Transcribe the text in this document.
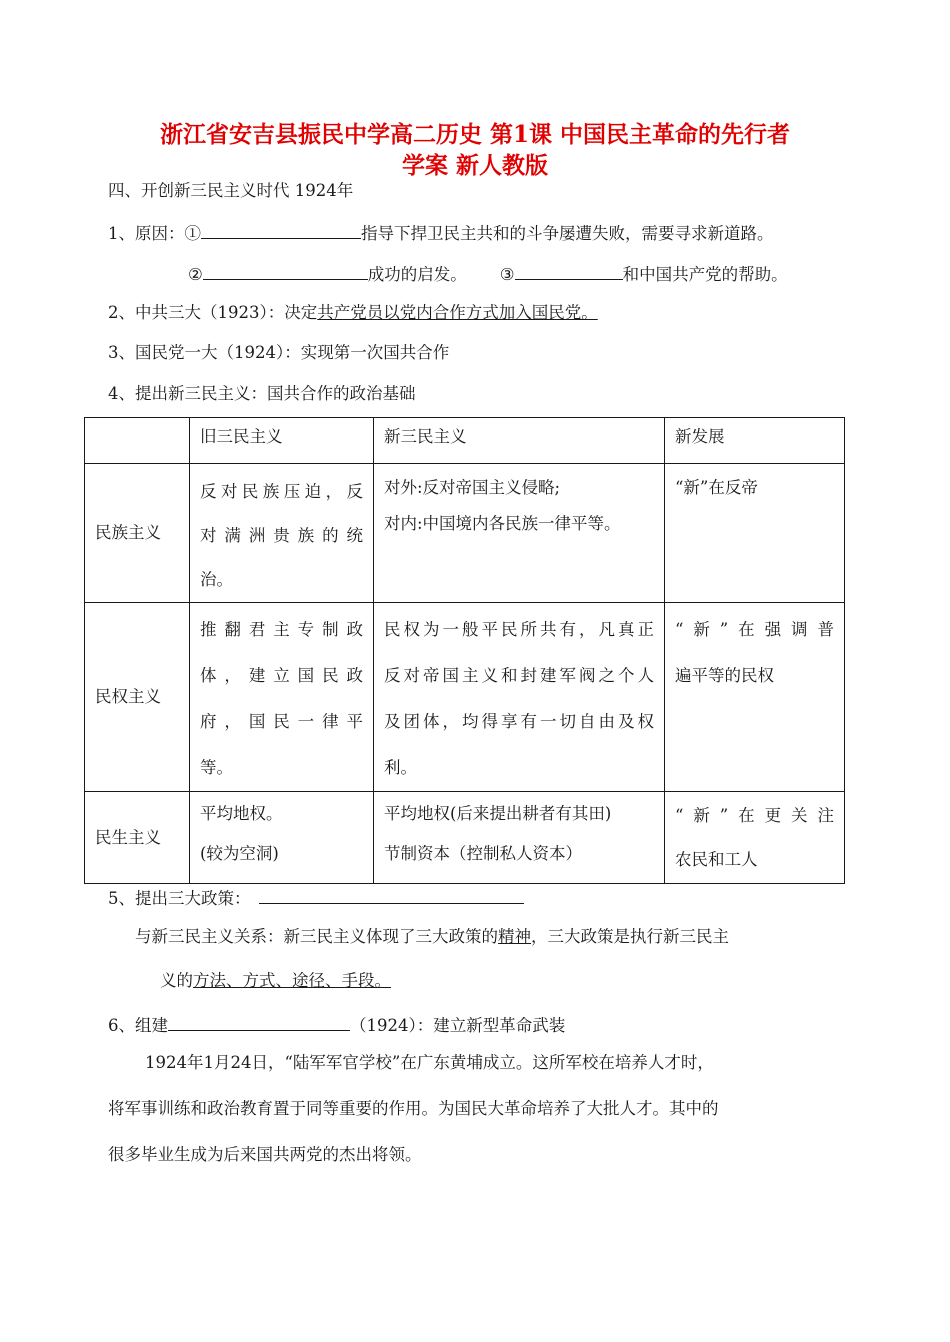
浙江省安吉县振民中学高二历史 第1课 中国民主革命的先行者
学案 新人教版
四、开创新三民主义时代 1924年
1、原因：①	指导下捍卫民主共和的斗争屡遭失败，需要寻求新道路。
②	成功的启发。 ③	和中国共产党的帮助。
2、中共三大（1923）：决定共产党员以党内合作方式加入国民党。
3、国民党一大（1924）：实现第一次国共合作
4、提出新三民主义：国共合作的政治基础
	旧三民主义	新三民主义	新发展
民族主义	反对民族压迫，反
对满洲贵族的统
治。	对外:反对帝国主义侵略;
对内:中国境内各民族一律平等。	“新”在反帝

民权主义	推翻君主专制政
体，建立国民政
府，国民一律平
等。	民权为一般平民所共有，凡真正
反对帝国主义和封建军阀之个人
及团体，均得享有一切自由及权
利。	“新”在强调普
遍平等的民权

民生主义	平均地权。
(较为空洞)	平均地权(后来提出耕者有其田)
节制资本（控制私人资本）	“新”在更关注
农民和工人
5、提出三大政策：
与新三民主义关系：新三民主义体现了三大政策的精神，三大政策是执行新三民主
义的方法、方式、途径、手段。
6、组建	（1924）：建立新型革命武装
1924年1月24日，“陆军军官学校”在广东黄埔成立。这所军校在培养人才时，
将军事训练和政治教育置于同等重要的作用。为国民大革命培养了大批人才。其中的
很多毕业生成为后来国共两党的杰出将领。
